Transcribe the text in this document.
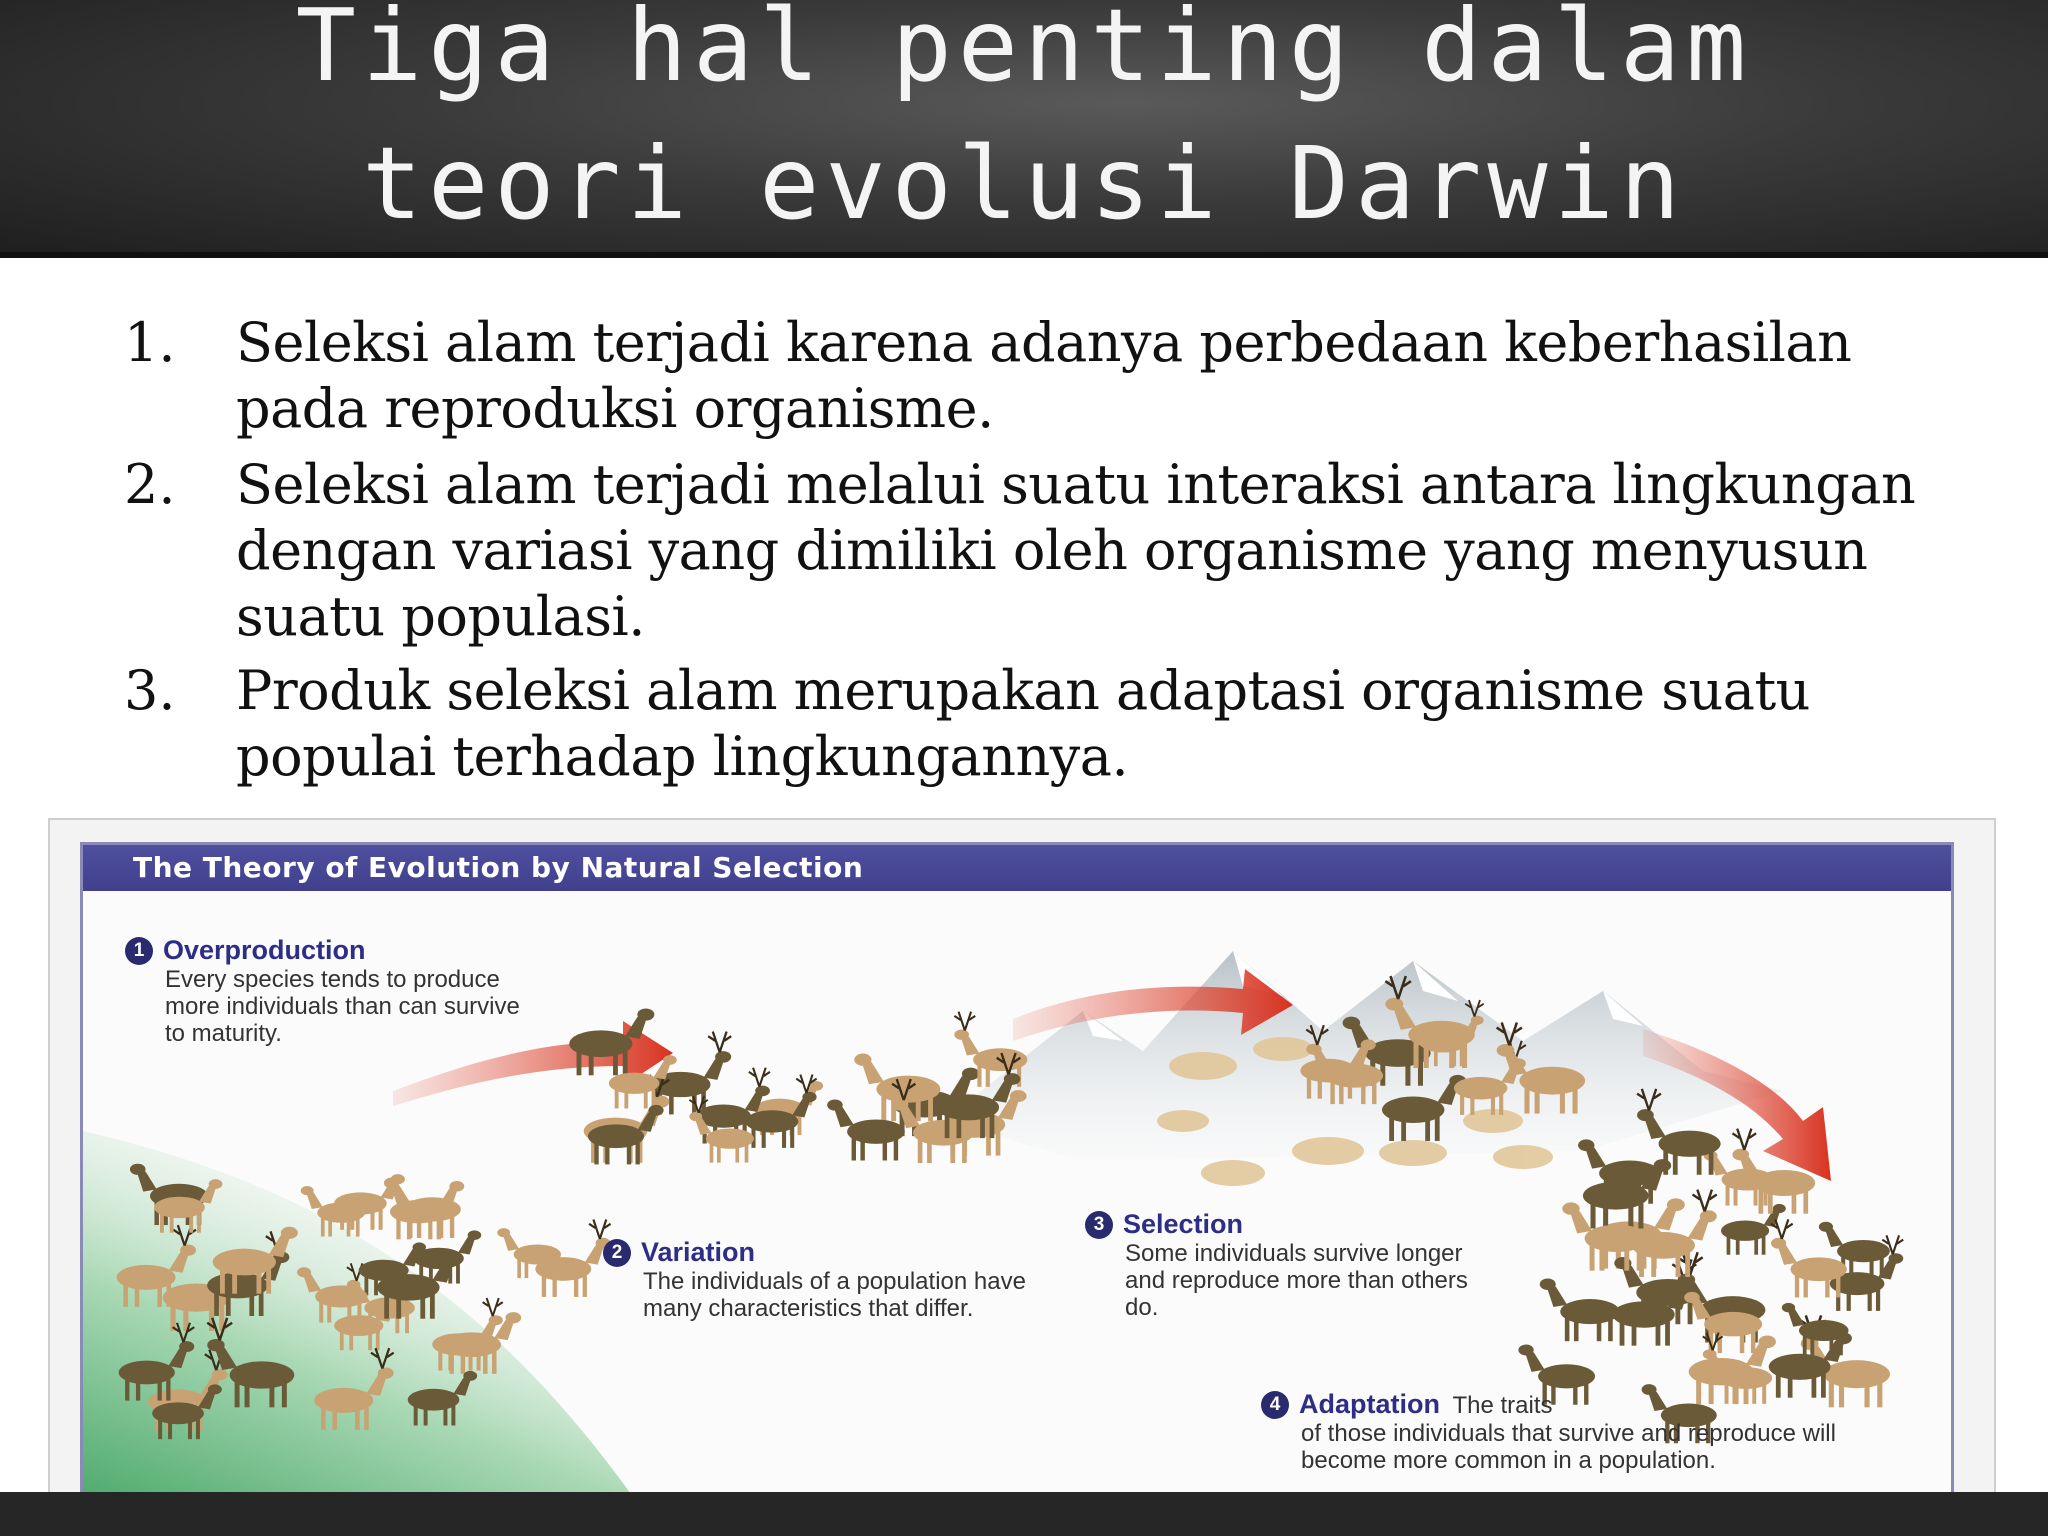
Tiga hal penting dalam
teori evolusi Darwin
1.	Seleksi alam terjadi karena adanya perbedaan keberhasilan pada reproduksi organisme.
2.	Seleksi alam terjadi melalui suatu interaksi antara lingkungan dengan variasi yang dimiliki oleh organisme yang menyusun suatu populasi.
3.	Produk seleksi alam merupakan adaptasi organisme suatu populai terhadap lingkungannya.
The Theory of Evolution by Natural Selection
1 Overproduction
Every species tends to produce more individuals than can survive to maturity.
2 Variation
The individuals of a population have many characteristics that differ.
3 Selection
Some individuals survive longer and reproduce more than others do.
4 Adaptation The traits
of those individuals that survive and reproduce will become more common in a population.
